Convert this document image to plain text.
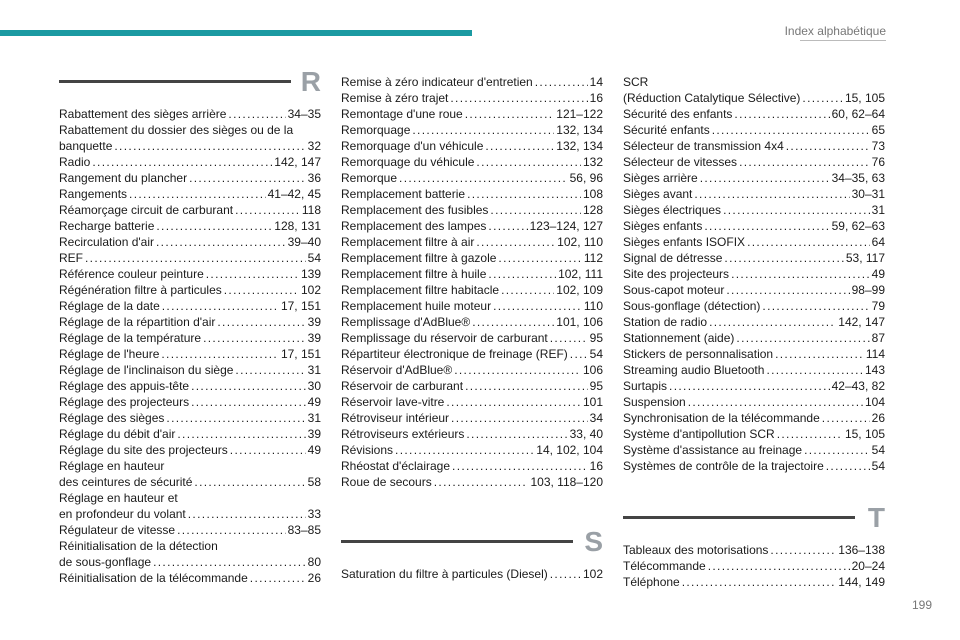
Index alphabétique
R
Rabattement des sièges arrière . . .	34–35
Rabattement du dossier des sièges ou de la
banquette . . .	32
Radio . . .	142, 147
Rangement du plancher . . .	36
Rangements . . .	41–42, 45
Réamorçage circuit de carburant . . .	118
Recharge batterie . . .	128, 131
Recirculation d'air . . .	39–40
REF . . .	54
Référence couleur peinture . . .	139
Régénération filtre à particules . . .	102
Réglage de la date . . .	17, 151
Réglage de la répartition d'air . . .	39
Réglage de la température . . .	39
Réglage de l'heure . . .	17, 151
Réglage de l'inclinaison du siège . . .	31
Réglage des appuis-tête . . .	30
Réglage des projecteurs . . .	49
Réglage des sièges . . .	31
Réglage du débit d'air . . .	39
Réglage du site des projecteurs . . .	49
Réglage en hauteur
des ceintures de sécurité . . .	58
Réglage en hauteur et
en profondeur du volant . . .	33
Régulateur de vitesse . . .	83–85
Réinitialisation de la détection
de sous-gonflage . . .	80
Réinitialisation de la télécommande . . .	26
Remise à zéro indicateur d'entretien . . .	14
Remise à zéro trajet . . .	16
Remontage d'une roue . . .	121–122
Remorquage . . .	132, 134
Remorquage d'un véhicule . . .	132, 134
Remorquage du véhicule . . .	132
Remorque . . .	56, 96
Remplacement batterie . . .	108
Remplacement des fusibles . . .	128
Remplacement des lampes . . .	123–124, 127
Remplacement filtre à air . . .	102, 110
Remplacement filtre à gazole . . .	112
Remplacement filtre à huile . . .	102, 111
Remplacement filtre habitacle . . .	102, 109
Remplacement huile moteur . . .	110
Remplissage d'AdBlue® . . .	101, 106
Remplissage du réservoir de carburant . . .	95
Répartiteur électronique de freinage (REF) . . . 54
Réservoir d'AdBlue® . . .	106
Réservoir de carburant . . .	95
Réservoir lave-vitre . . .	101
Rétroviseur intérieur . . .	34
Rétroviseurs extérieurs . . .	33, 40
Révisions . . .	14, 102, 104
Rhéostat d'éclairage . . .	16
Roue de secours . . .	103, 118–120
S
Saturation du filtre à particules (Diesel) . . .	102
SCR
(Réduction Catalytique Sélective) . . .	15, 105
Sécurité des enfants . . .	60, 62–64
Sécurité enfants . . .	65
Sélecteur de transmission 4x4 . . .	73
Sélecteur de vitesses . . .	76
Sièges arrière . . .	34–35, 63
Sièges avant . . .	30–31
Sièges électriques . . .	31
Sièges enfants . . .	59, 62–63
Sièges enfants ISOFIX . . .	64
Signal de détresse . . .	53, 117
Site des projecteurs . . .	49
Sous-capot moteur . . .	98–99
Sous-gonflage (détection) . . .	79
Station de radio . . .	142, 147
Stationnement (aide) . . .	87
Stickers de personnalisation . . .	114
Streaming audio Bluetooth . . .	143
Surtapis . . .	42–43, 82
Suspension . . .	104
Synchronisation de la télécommande . . .	26
Système d'antipollution SCR . . .	15, 105
Système d'assistance au freinage . . .	54
Systèmes de contrôle de la trajectoire . . .	54
T
Tableaux des motorisations . . .	136–138
Télécommande . . .	20–24
Téléphone . . .	144, 149
199
